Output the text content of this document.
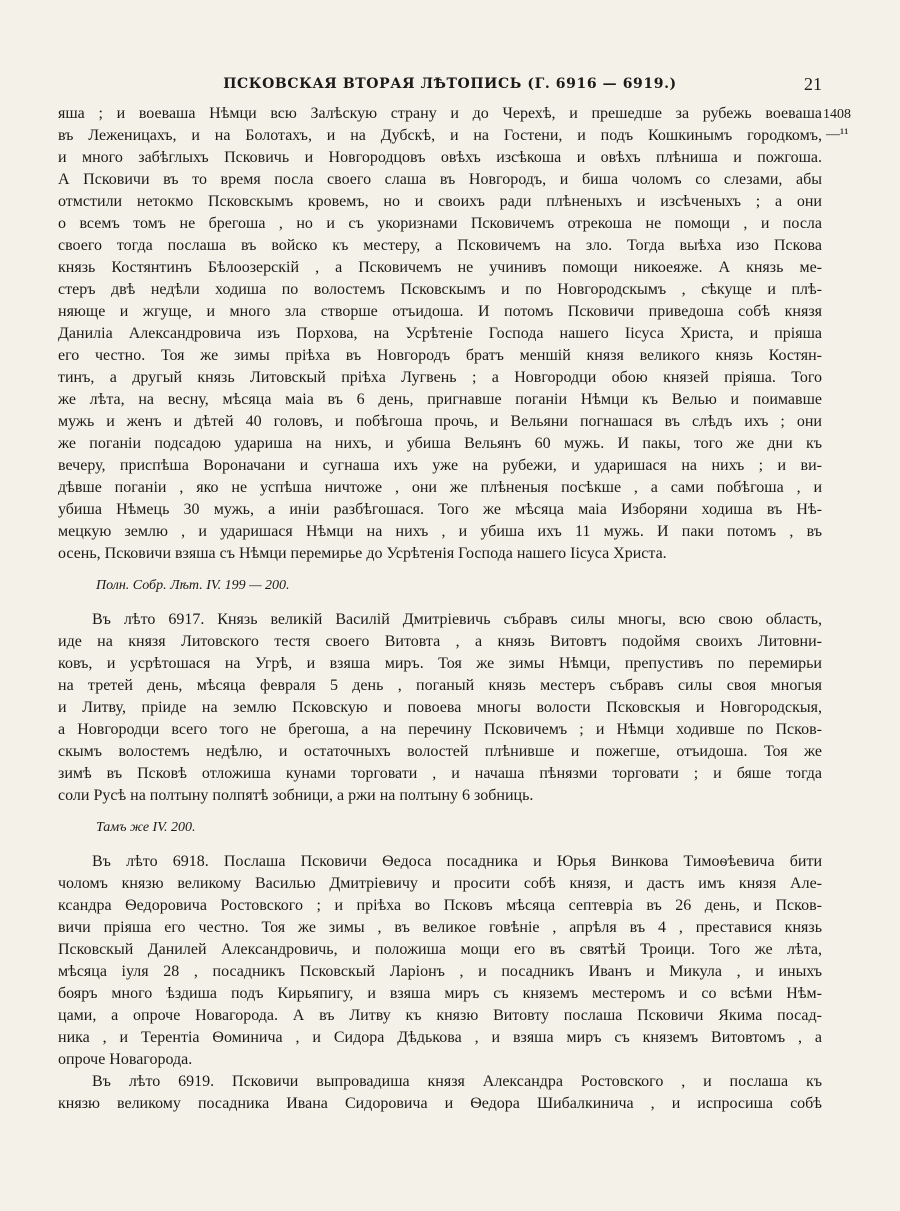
ПСКОВСКАЯ ВТОРАЯ ЛѢТОПИСЬ (Г. 6916 — 6919.)	21
1408
—¹¹
яша ; и воеваша Нѣмци всю Залѣскую страну и до Черехѣ, и прешедше за рубежь воеваша
въ Леженицахъ, и на Болотахъ, и на Дубскѣ, и на Гостени, и подъ Кошкинымъ городкомъ,
и много забѣглыхъ Псковичь и Новгородцовъ овѣхъ изсѣкоша и овѣхъ плѣниша и пожгоша.
А Псковичи въ то время посла своего слаша въ Новгородъ, и биша чоломъ со слезами, абы
отмстили нетокмо Псковскымъ кровемъ, но и своихъ ради плѣненыхъ и изсѣченыхъ ; а они
о всемъ томъ не брегоша , но и съ укоризнами Псковичемъ отрекоша не помощи , и посла
своего тогда послаша въ войско къ местеру, а Псковичемъ на зло. Тогда выѣха изо Пскова
князь Костянтинъ Бѣлоозерскій , а Псковичемъ не учинивъ помощи никоеяже. А князь ме-
стеръ двѣ недѣли ходиша по волостемъ Псковскымъ и по Новгородскымъ , сѣкуще и плѣ-
няюще и жгуще, и много зла створше отъидоша. И потомъ Псковичи приведоша собѣ князя
Даниліа Александровича изъ Порхова, на Усрѣтеніе Господа нашего Іісуса Христа, и пріяша
его честно. Тоя же зимы пріѣха въ Новгородъ братъ меншій князя великого князь Костян-
тинъ, а другый князь Литовскый пріѣха Лугвень ; а Новгородци обою князей пріяша. Того
же лѣта, на весну, мѣсяца маіа въ 6 день, пригнавше поганіи Нѣмци къ Велью и поимавше
мужь и женъ и дѣтей 40 головъ, и побѣгоша прочь, и Вельяни погнашася въ слѣдъ ихъ ; они
же поганіи подсадою удариша на нихъ, и убиша Вельянъ 60 мужь. И пакы, того же дни къ
вечеру, приспѣша Вороначани и сугнаша ихъ уже на рубежи, и ударишася на нихъ ; и ви-
дѣвше поганіи , яко не успѣша ничтоже , они же плѣненыя посѣкше , а сами побѣгоша , и
убиша Нѣмець 30 мужь, а иніи разбѣгошася. Того же мѣсяца маіа Изборяни ходиша въ Нѣ-
мецкую землю , и ударишася Нѣмци на нихъ , и убиша ихъ 11 мужь. И паки потомъ , въ
осень, Псковичи взяша съ Нѣмци перемирье до Усрѣтенія Господа нашего Іісуса Христа.
Полн. Собр. Лѣт. IV. 199 — 200.
Въ лѣто 6917. Князь великій Василій Дмитріевичь събравъ силы многы, всю свою область,
иде на князя Литовского тестя своего Витовта , а князь Витовтъ подоймя своихъ Литовни-
ковъ, и усрѣтошася на Угрѣ, и взяша миръ. Тоя же зимы Нѣмци, препустивъ по перемирьи
на третей день, мѣсяца февраля 5 день , поганый князь местеръ събравъ силы своя многыя
и Литву, пріиде на землю Псковскую и повоева многы волости Псковскыя и Новгородскыя,
а Новгородци всего того не брегоша, а на перечину Псковичемъ ; и Нѣмци ходивше по Псков-
скымъ волостемъ недѣлю, и остаточныхъ волостей плѣнивше и пожегше, отъидоша. Тоя же
зимѣ въ Псковѣ отложиша кунами торговати , и начаша пѣнязми торговати ; и бяше тогда
соли Русѣ на полтыну полпятѣ зобници, а ржи на полтыну 6 зобниць.
Тамъ же IV. 200.
Въ лѣто 6918. Послаша Псковичи Ѳедоса посадника и Юрья Винкова Тимоѳѣевича бити
чоломъ князю великому Василью Дмитріевичу и просити собѣ князя, и дастъ имъ князя Але-
ксандра Ѳедоровича Ростовского ; и пріѣха во Псковъ мѣсяца септевріа въ 26 день, и Псков-
вичи пріяша его честно. Тоя же зимы , въ великое говѣніе , апрѣля въ 4 , преставися князь
Псковскый Данилей Александровичь, и положиша мощи его въ святѣй Троици. Того же лѣта,
мѣсяца іуля 28 , посадникъ Псковскый Ларіонъ , и посадникъ Иванъ и Микула , и иныхъ
бояръ много ѣздиша подъ Кирьяпигу, и взяша миръ съ княземъ местеромъ и со всѣми Нѣм-
цами, а опроче Новагорода. А въ Литву къ князю Витовту послаша Псковичи Якима посад-
ника , и Терентіа Ѳоминича , и Сидора Дѣдькова , и взяша миръ съ княземъ Витовтомъ , а
опроче Новагорода.
Въ лѣто 6919. Псковичи выпровадиша князя Александра Ростовского , и послаша къ
князю великому посадника Ивана Сидоровича и Ѳедора Шибалкинича , и испросиша собѣ
